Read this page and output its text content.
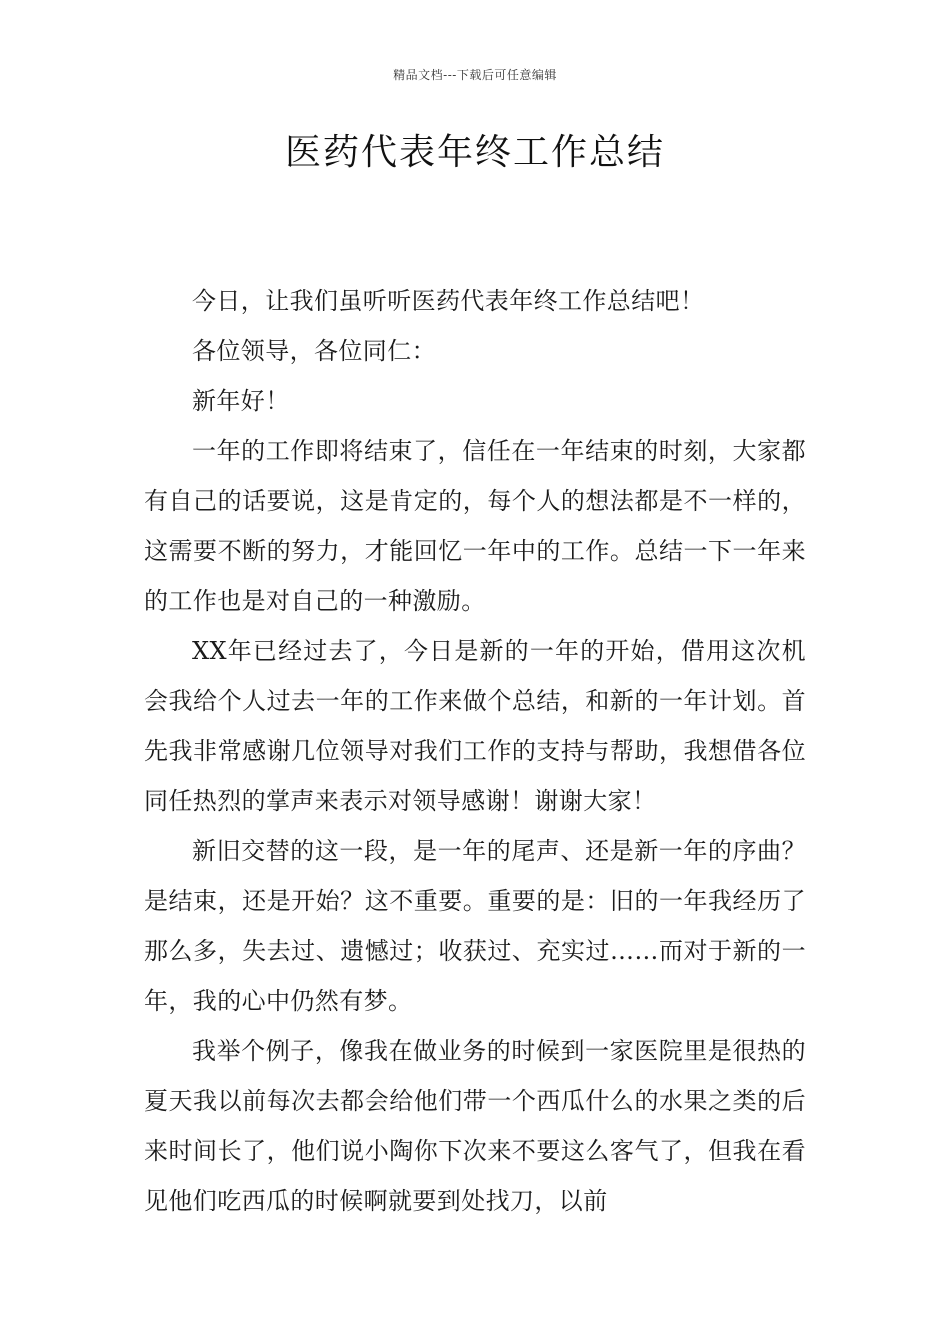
精品文档---下载后可任意编辑
医药代表年终工作总结

今日，让我们虽听听医药代表年终工作总结吧！

各位领导，各位同仁：

新年好！

一年的工作即将结束了，信任在一年结束的时刻，大家都有自己的话要说，这是肯定的，每个人的想法都是不一样的，这需要不断的努力，才能回忆一年中的工作。总结一下一年来的工作也是对自己的一种激励。

XX年已经过去了，今日是新的一年的开始，借用这次机会我给个人过去一年的工作来做个总结，和新的一年计划。首先我非常感谢几位领导对我们工作的支持与帮助，我想借各位同任热烈的掌声来表示对领导感谢！谢谢大家！

新旧交替的这一段，是一年的尾声、还是新一年的序曲？是结束，还是开始？这不重要。重要的是：旧的一年我经历了那么多，失去过、遗憾过；收获过、充实过……而对于新的一年，我的心中仍然有梦。

我举个例子，像我在做业务的时候到一家医院里是很热的夏天我以前每次去都会给他们带一个西瓜什么的水果之类的后来时间长了，他们说小陶你下次来不要这么客气了，但我在看见他们吃西瓜的时候啊就要到处找刀，以前
